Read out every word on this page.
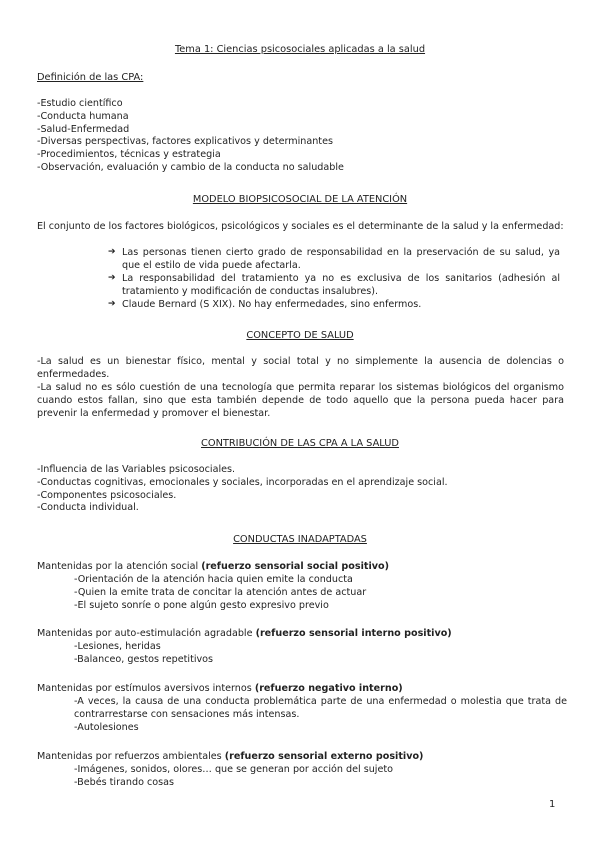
Tema 1: Ciencias psicosociales aplicadas a la salud
Definición de las CPA:
-Estudio científico
-Conducta humana
-Salud-Enfermedad
-Diversas perspectivas, factores explicativos y determinantes
-Procedimientos, técnicas y estrategia
-Observación, evaluación y cambio de la conducta no saludable
MODELO BIOPSICOSOCIAL DE LA ATENCIÓN

El conjunto de los factores biológicos, psicológicos y sociales es el determinante de la salud y la enfermedad:

➔ Las personas tienen cierto grado de responsabilidad en la preservación de su salud, ya que el estilo de vida puede afectarla.
➔ La responsabilidad del tratamiento ya no es exclusiva de los sanitarios (adhesión al tratamiento y modificación de conductas insalubres).
➔ Claude Bernard (S XIX). No hay enfermedades, sino enfermos.
CONCEPTO DE SALUD

-La salud es un bienestar físico, mental y social total y no simplemente la ausencia de dolencias o enfermedades.

-La salud no es sólo cuestión de una tecnología que permita reparar los sistemas biológicos del organismo cuando estos fallan, sino que esta también depende de todo aquello que la persona pueda hacer para prevenir la enfermedad y promover el bienestar.

CONTRIBUCIÓN DE LAS CPA A LA SALUD
-Influencia de las Variables psicosociales.
-Conductas cognitivas, emocionales y sociales, incorporadas en el aprendizaje social.
-Componentes psicosociales.
-Conducta individual.
CONDUCTAS INADAPTADAS
Mantenidas por la atención social (refuerzo sensorial social positivo)
-Orientación de la atención hacia quien emite la conducta
-Quien la emite trata de concitar la atención antes de actuar
-El sujeto sonríe o pone algún gesto expresivo previo
Mantenidas por auto-estimulación agradable (refuerzo sensorial interno positivo)
-Lesiones, heridas
-Balanceo, gestos repetitivos
Mantenidas por estímulos aversivos internos (refuerzo negativo interno)
-A veces, la causa de una conducta problemática parte de una enfermedad o molestia que trata de contrarrestarse con sensaciones más intensas.
-Autolesiones
Mantenidas por refuerzos ambientales (refuerzo sensorial externo positivo)
-Imágenes, sonidos, olores… que se generan por acción del sujeto
-Bebés tirando cosas
1
